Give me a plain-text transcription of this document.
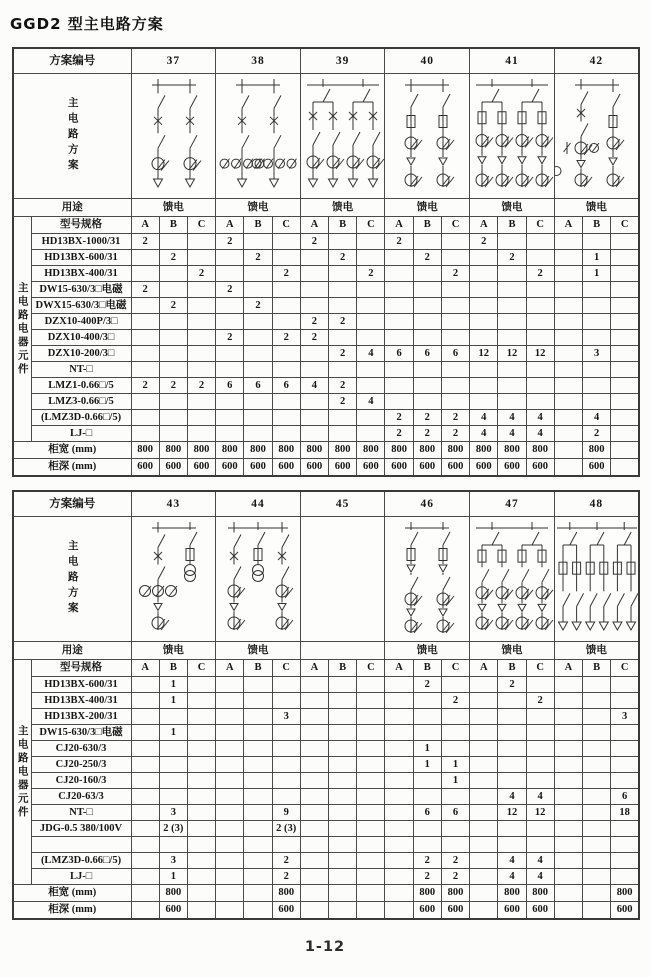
GGD2 型主电路方案
方案编号		37			38			39			40			41			42		
主电路方案	

用途		馈电			馈电			馈电			馈电			馈电			馈电		
主电路电器元件	型号规格	A	B	C	A	B	C	A	B	C	A	B	C	A	B	C	A	B	C
	HD13BX-1000/31	2			2			2			2			2					
	HD13BX-600/31		2			2			2			2			2			1	
	HD13BX-400/31			2			2			2			2			2		1	
	DW15-630/3□电磁	2			2														
	DWX15-630/3□电磁		2			2													
	DZX10-400P/3□							2	2										
	DZX10-400/3□				2		2	2											
	DZX10-200/3□								2	4	6	6	6	12	12	12		3	
	NT-□																		
	LMZ1-0.66□/5	2	2	2	6	6	6	4	2										
	LMZ3-0.66□/5								2	4									
	(LMZ3D-0.66□/5)										2	2	2	4	4	4		4	
	LJ-□										2	2	2	4	4	4		2	
柜宽 (mm)		800	800	800	800	800	800	800	800	800	800	800	800	800	800	800		800	
柜深 (mm)		600	600	600	600	600	600	600	600	600	600	600	600	600	600	600		600	
方案编号		43			44			45			46			47			48		
主电路方案	

用途		馈电			馈电						馈电			馈电			馈电		
主电路电器元件	型号规格	A	B	C	A	B	C	A	B	C	A	B	C	A	B	C	A	B	C
	HD13BX-600/31		1									2			2				
	HD13BX-400/31		1										2			2			
	HD13BX-200/31						3												3
	DW15-630/3□电磁		1																
	CJ20-630/3											1							
	CJ20-250/3											1	1						
	CJ20-160/3												1						
	CJ20-63/3														4	4			6
	NT-□		3				9					6	6		12	12			18
	JDG-0.5 380/100V		2 (3)				2 (3)												

	(LMZ3D-0.66□/5)		3				2					2	2		4	4			
	LJ-□		1				2					2	2		4	4			
柜宽 (mm)			800				800					800	800		800	800			800
柜深 (mm)			600				600					600	600		600	600			600
1-12
